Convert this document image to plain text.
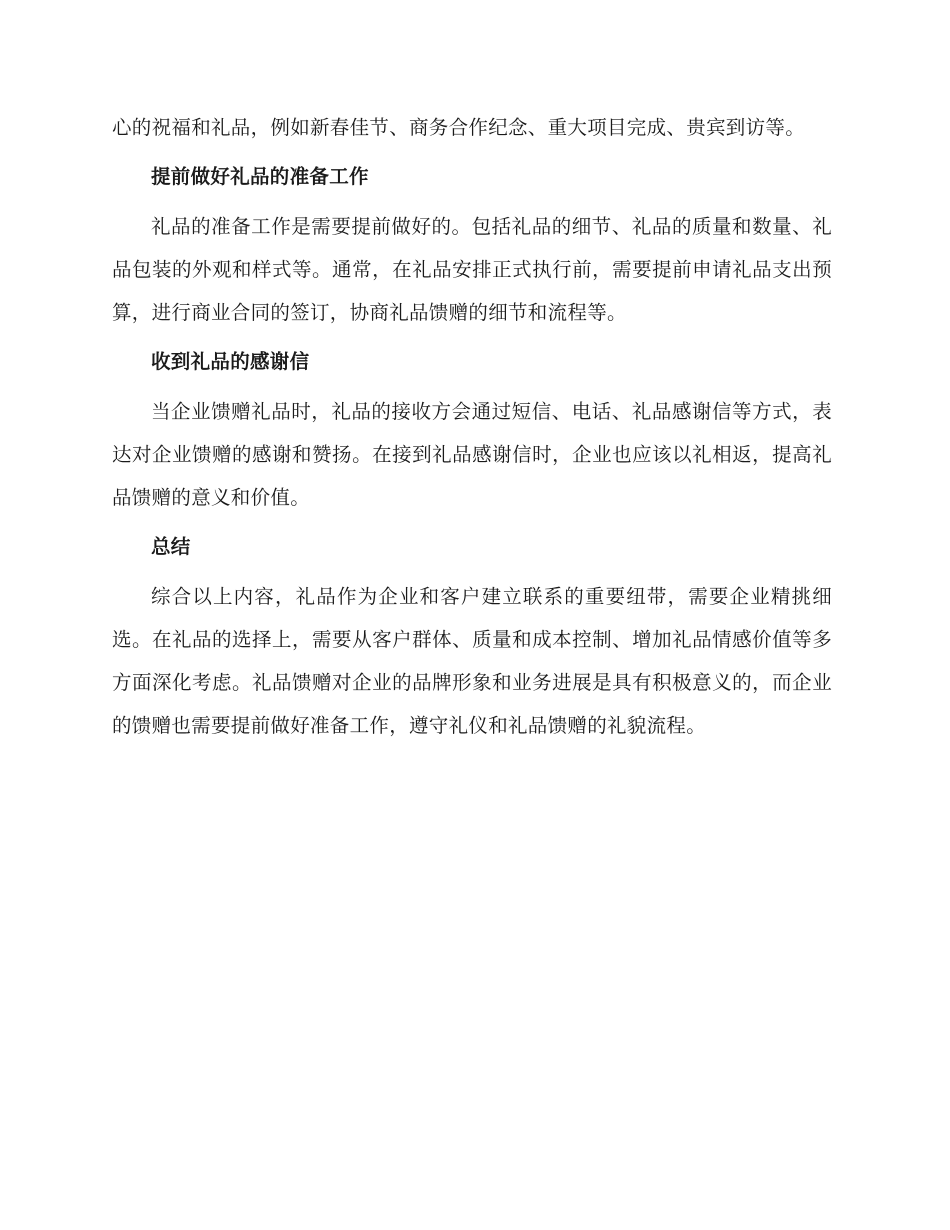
心的祝福和礼品，例如新春佳节、商务合作纪念、重大项目完成、贵宾到访等。

提前做好礼品的准备工作

礼品的准备工作是需要提前做好的。包括礼品的细节、礼品的质量和数量、礼品包装的外观和样式等。通常，在礼品安排正式执行前，需要提前申请礼品支出预算，进行商业合同的签订，协商礼品馈赠的细节和流程等。

收到礼品的感谢信

当企业馈赠礼品时，礼品的接收方会通过短信、电话、礼品感谢信等方式，表达对企业馈赠的感谢和赞扬。在接到礼品感谢信时，企业也应该以礼相返，提高礼品馈赠的意义和价值。

总结

综合以上内容，礼品作为企业和客户建立联系的重要纽带，需要企业精挑细选。在礼品的选择上，需要从客户群体、质量和成本控制、增加礼品情感价值等多方面深化考虑。礼品馈赠对企业的品牌形象和业务进展是具有积极意义的，而企业的馈赠也需要提前做好准备工作，遵守礼仪和礼品馈赠的礼貌流程。
